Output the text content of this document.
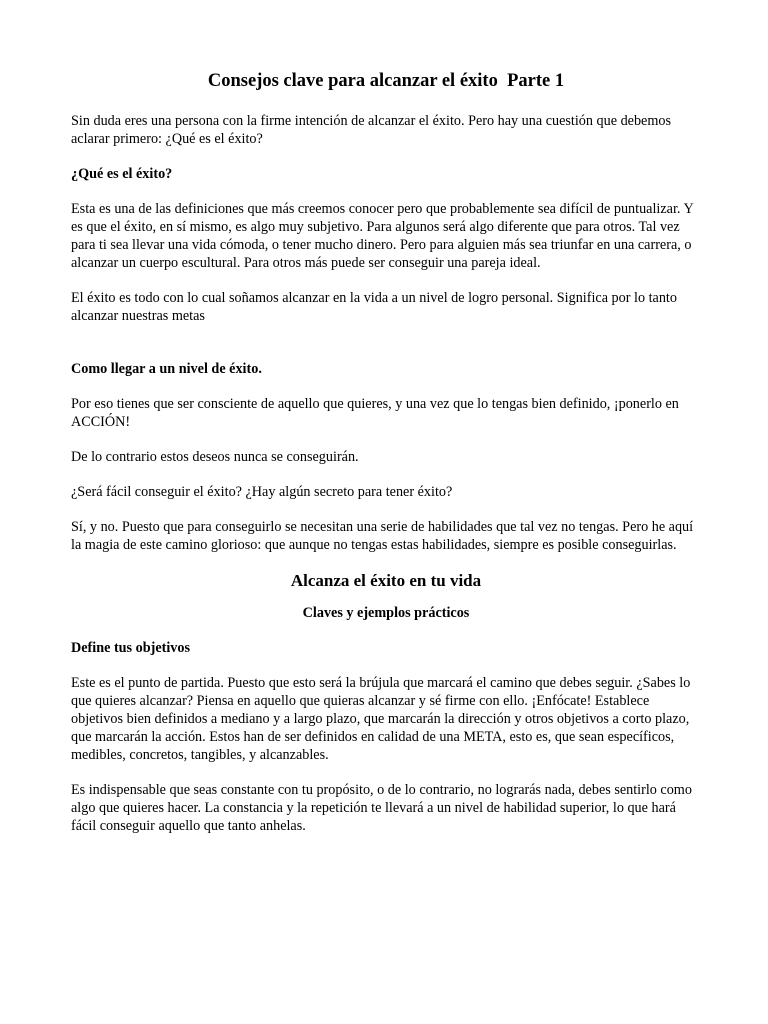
Consejos clave para alcanzar el éxito  Parte 1

Sin duda eres una persona con la firme intención de alcanzar el éxito. Pero hay una cuestión que debemos aclarar primero: ¿Qué es el éxito?

¿Qué es el éxito?

Esta es una de las definiciones que más creemos conocer pero que probablemente sea difícil de puntualizar. Y es que el éxito, en sí mismo, es algo muy subjetivo. Para algunos será algo diferente que para otros. Tal vez para ti sea llevar una vida cómoda, o tener mucho dinero. Pero para alguien más sea triunfar en una carrera, o alcanzar un cuerpo escultural. Para otros más puede ser conseguir una pareja ideal.

El éxito es todo con lo cual soñamos alcanzar en la vida a un nivel de logro personal. Significa por lo tanto alcanzar nuestras metas

Como llegar a un nivel de éxito.

Por eso tienes que ser consciente de aquello que quieres, y una vez que lo tengas bien definido, ¡ponerlo en ACCIÓN!

De lo contrario estos deseos nunca se conseguirán.

¿Será fácil conseguir el éxito? ¿Hay algún secreto para tener éxito?

Sí, y no. Puesto que para conseguirlo se necesitan una serie de habilidades que tal vez no tengas. Pero he aquí la magia de este camino glorioso: que aunque no tengas estas habilidades, siempre es posible conseguirlas.

Alcanza el éxito en tu vida

Claves y ejemplos prácticos

Define tus objetivos

Este es el punto de partida. Puesto que esto será la brújula que marcará el camino que debes seguir. ¿Sabes lo que quieres alcanzar? Piensa en aquello que quieras alcanzar y sé firme con ello. ¡Enfócate! Establece objetivos bien definidos a mediano y a largo plazo, que marcarán la dirección y otros objetivos a corto plazo, que marcarán la acción. Estos han de ser definidos en calidad de una META, esto es, que sean específicos, medibles, concretos, tangibles, y alcanzables.

Es indispensable que seas constante con tu propósito, o de lo contrario, no lograrás nada, debes sentirlo como algo que quieres hacer. La constancia y la repetición te llevará a un nivel de habilidad superior, lo que hará fácil conseguir aquello que tanto anhelas.
